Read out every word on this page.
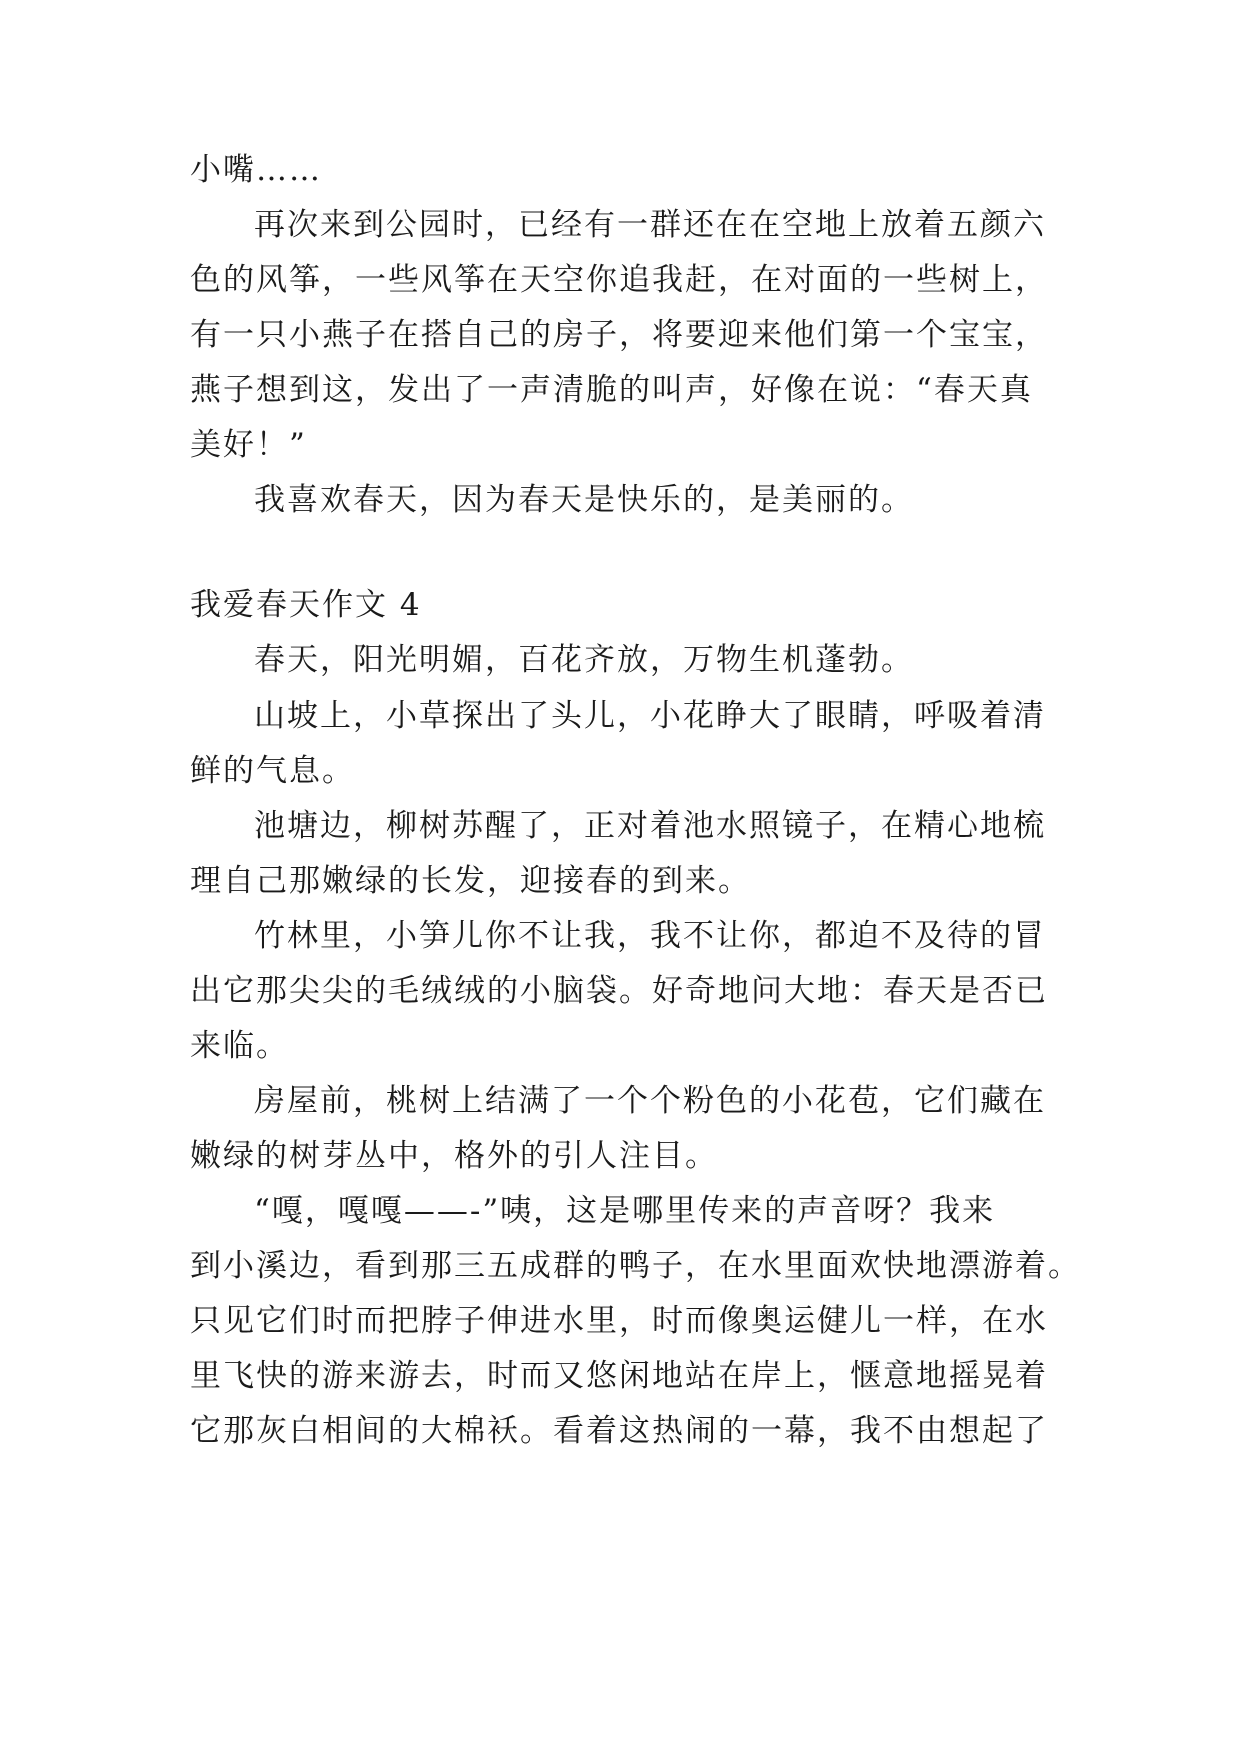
小嘴……
再次来到公园时，已经有一群还在在空地上放着五颜六
色的风筝，一些风筝在天空你追我赶，在对面的一些树上，
有一只小燕子在搭自己的房子，将要迎来他们第一个宝宝，
燕子想到这，发出了一声清脆的叫声，好像在说：“春天真
美好！”
我喜欢春天，因为春天是快乐的，是美丽的。
我爱春天作文 4
春天，阳光明媚，百花齐放，万物生机蓬勃。
山坡上，小草探出了头儿，小花睁大了眼睛，呼吸着清
鲜的气息。
池塘边，柳树苏醒了，正对着池水照镜子，在精心地梳
理自己那嫩绿的长发，迎接春的到来。
竹林里，小笋儿你不让我，我不让你，都迫不及待的冒
出它那尖尖的毛绒绒的小脑袋。好奇地问大地：春天是否已
来临。
房屋前，桃树上结满了一个个粉色的小花苞，它们藏在
嫩绿的树芽丛中，格外的引人注目。
“嘎，嘎嘎——-”咦，这是哪里传来的声音呀？我来
到小溪边，看到那三五成群的鸭子，在水里面欢快地漂游着。
只见它们时而把脖子伸进水里，时而像奥运健儿一样，在水
里飞快的游来游去，时而又悠闲地站在岸上，惬意地摇晃着
它那灰白相间的大棉袄。看着这热闹的一幕，我不由想起了
